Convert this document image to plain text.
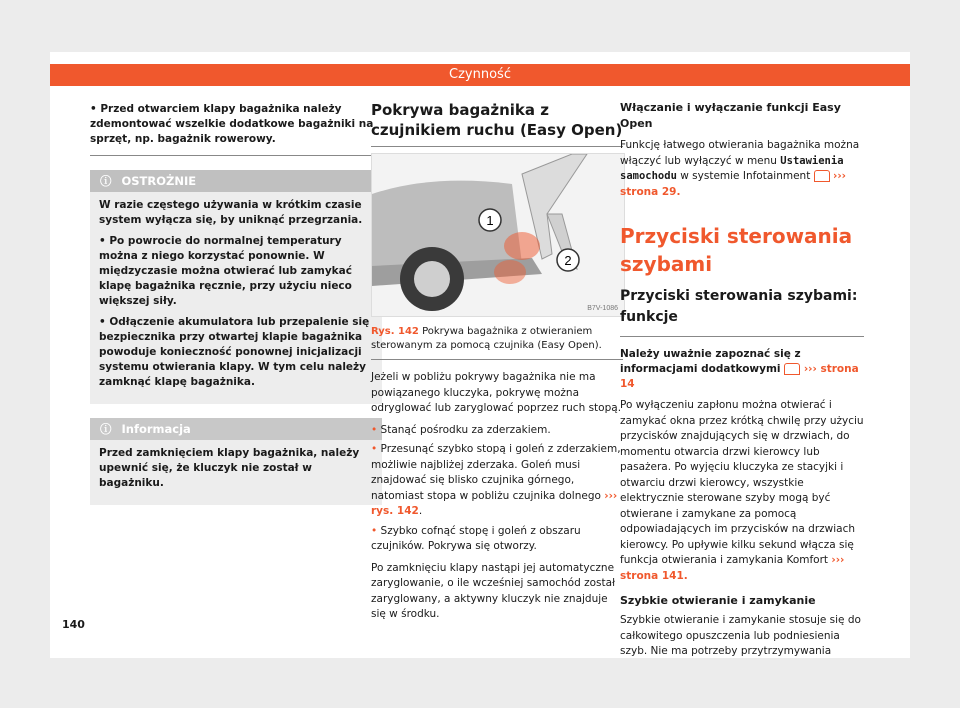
Czynność

• Przed otwarciem klapy bagażnika należy zdemontować wszelkie dodatkowe bagażniki na sprzęt, np. bagażnik rowerowy.

ⓘ OSTROŻNIE

W razie częstego używania w krótkim czasie system wyłącza się, by uniknąć przegrzania.

• Po powrocie do normalnej temperatury można z niego korzystać ponownie. W międzyczasie można otwierać lub zamykać klapę bagażnika ręcznie, przy użyciu nieco większej siły.

• Odłączenie akumulatora lub przepalenie się bezpiecznika przy otwartej klapie bagażnika powoduje konieczność ponownej inicjalizacji systemu otwierania klapy. W tym celu należy zamknąć klapę bagażnika.

ⓘ Informacja

Przed zamknięciem klapy bagażnika, należy upewnić się, że kluczyk nie został w bagażniku.

Pokrywa bagażnika z czujnikiem ruchu (Easy Open)
1
2
B7V-1086
Rys. 142 Pokrywa bagażnika z otwieraniem sterowanym za pomocą czujnika (Easy Open).

Jeżeli w pobliżu pokrywy bagażnika nie ma powiązanego kluczyka, pokrywę można odryglować lub zaryglować poprzez ruch stopą.

• Stanąć pośrodku za zderzakiem.

• Przesunąć szybko stopą i goleń z zderzakiem, możliwie najbliżej zderzaka. Goleń musi znajdować się blisko czujnika górnego, natomiast stopa w pobliżu czujnika dolnego ››› rys. 142.

• Szybko cofnąć stopę i goleń z obszaru czujników. Pokrywa się otworzy.

Po zamknięciu klapy nastąpi jej automatyczne zaryglowanie, o ile wcześniej samochód został zaryglowany, a aktywny kluczyk nie znajduje się w środku.

Włączanie i wyłączanie funkcji Easy Open

Funkcję łatwego otwierania bagażnika można włączyć lub wyłączyć w menu Ustawienia samochodu w systemie Infotainment ››› strona 29.

Przyciski sterowania szybami
Przyciski sterowania szybami: funkcje

Należy uważnie zapoznać się z informacjami dodatkowymi ››› strona 14

Po wyłączeniu zapłonu można otwierać i zamykać okna przez krótką chwilę przy użyciu przycisków znajdujących się w drzwiach, do momentu otwarcia drzwi kierowcy lub pasażera. Po wyjęciu kluczyka ze stacyjki i otwarciu drzwi kierowcy, wszystkie elektrycznie sterowane szyby mogą być otwierane i zamykane za pomocą odpowiadających im przycisków na drzwiach kierowcy. Po upływie kilku sekund włącza się funkcja otwierania i zamykania Komfort ››› strona 141.

Szybkie otwieranie i zamykanie

Szybkie otwieranie i zamykanie stosuje się do całkowitego opuszczenia lub podniesienia szyb. Nie ma potrzeby przytrzymywania

140
